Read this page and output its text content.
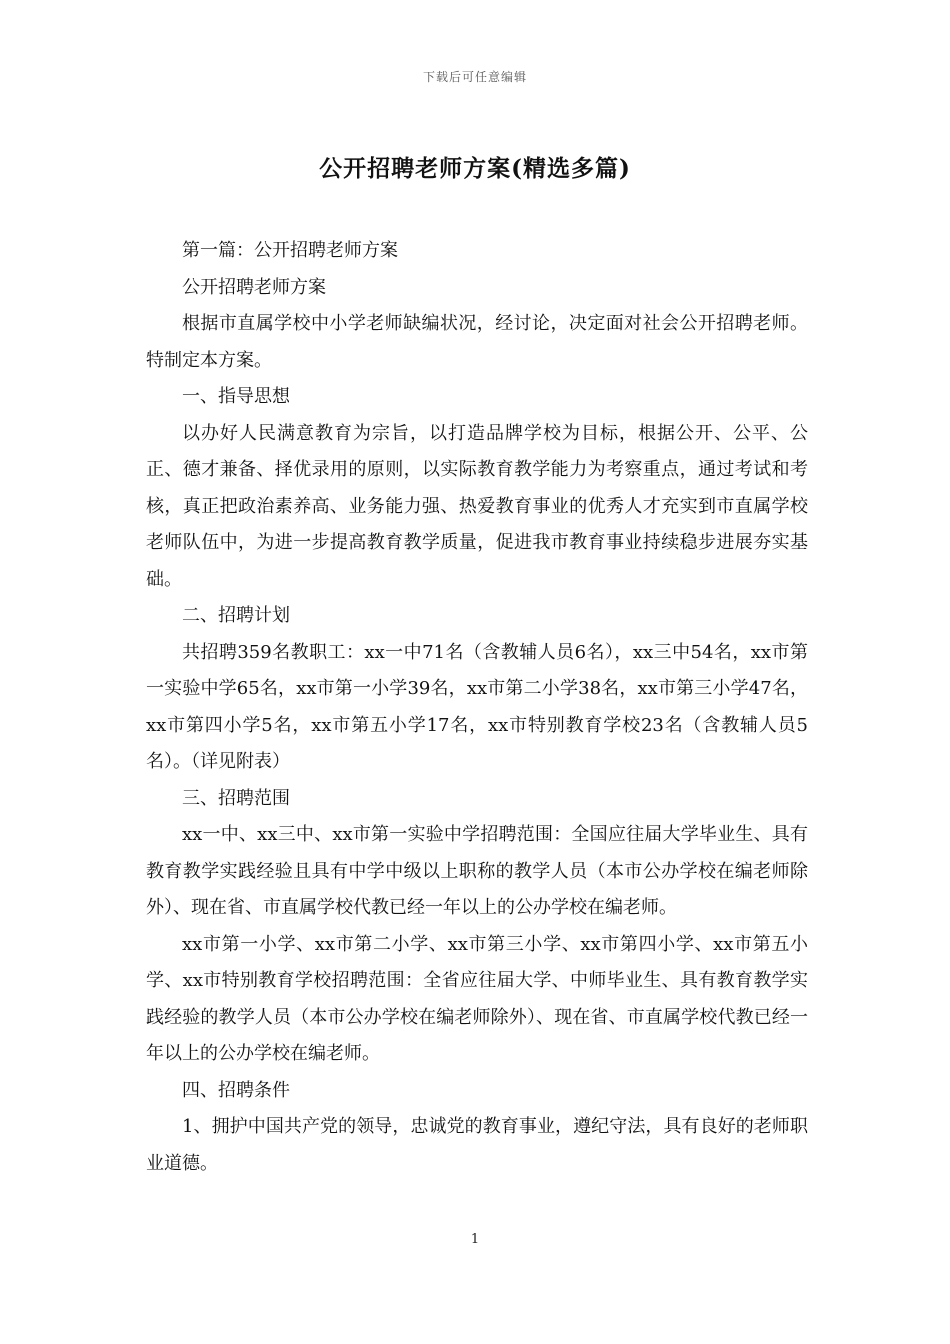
下载后可任意编辑
公开招聘老师方案(精选多篇)

第一篇：公开招聘老师方案

公开招聘老师方案

根据市直属学校中小学老师缺编状况，经讨论，决定面对社会公开招聘老师。特制定本方案。

一、指导思想

以办好人民满意教育为宗旨，以打造品牌学校为目标，根据公开、公平、公正、德才兼备、择优录用的原则，以实际教育教学能力为考察重点，通过考试和考核，真正把政治素养高、业务能力强、热爱教育事业的优秀人才充实到市直属学校老师队伍中，为进一步提高教育教学质量，促进我市教育事业持续稳步进展夯实基础。

二、招聘计划

共招聘359名教职工：xx一中71名（含教辅人员6名），xx三中54名，xx市第一实验中学65名，xx市第一小学39名，xx市第二小学38名，xx市第三小学47名，xx市第四小学5名，xx市第五小学17名，xx市特别教育学校23名（含教辅人员5名）。（详见附表）

三、招聘范围

xx一中、xx三中、xx市第一实验中学招聘范围：全国应往届大学毕业生、具有教育教学实践经验且具有中学中级以上职称的教学人员（本市公办学校在编老师除外）、现在省、市直属学校代教已经一年以上的公办学校在编老师。

xx市第一小学、xx市第二小学、xx市第三小学、xx市第四小学、xx市第五小学、xx市特别教育学校招聘范围：全省应往届大学、中师毕业生、具有教育教学实践经验的教学人员（本市公办学校在编老师除外）、现在省、市直属学校代教已经一年以上的公办学校在编老师。

四、招聘条件

1、拥护中国共产党的领导，忠诚党的教育事业，遵纪守法，具有良好的老师职业道德。

1
